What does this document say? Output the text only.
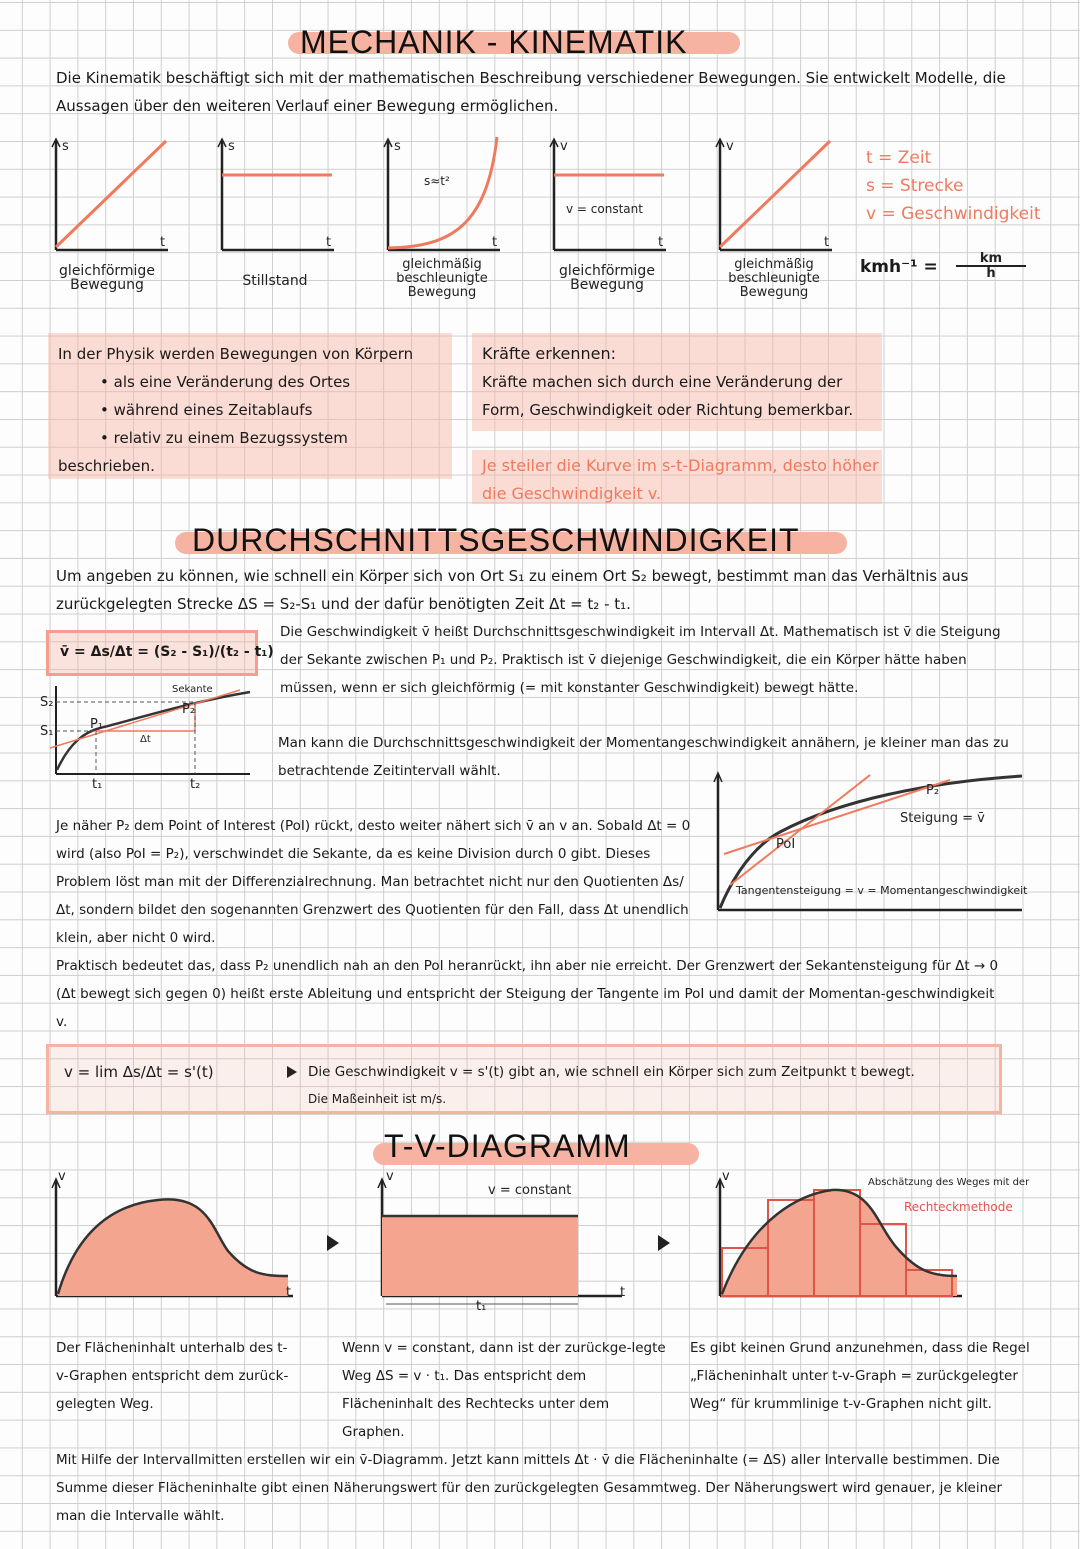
MECHANIK - KINEMATIK
Die Kinematik beschäftigt sich mit der mathematischen Beschreibung verschiedener Bewegungen. Sie entwickelt Modelle, die Aussagen über den weiteren Verlauf einer Bewegung ermöglichen.
s
t
gleichförmige Bewegung
s
t
Stillstand
s
s≈t²
t
gleichmäßig beschleunigte Bewegung
v
v = constant
t
gleichförmige Bewegung
v
t
gleichmäßig beschleunigte Bewegung
t = Zeit
s = Strecke
v = Geschwindigkeit
kmh⁻¹ =	km
h
In der Physik werden Bewegungen von Körpern
• als eine Veränderung des Ortes
• während eines Zeitablaufs
• relativ zu einem Bezugssystem
beschrieben.
Kräfte erkennen:
Kräfte machen sich durch eine Veränderung der Form, Geschwindigkeit oder Richtung bemerkbar.
Je steiler die Kurve im s-t-Diagramm, desto höher die Geschwindigkeit v.
DURCHSCHNITTSGESCHWINDIGKEIT
Um angeben zu können, wie schnell ein Körper sich von Ort S₁ zu einem Ort S₂ bewegt, bestimmt man das Verhältnis aus zurückgelegten Strecke ΔS = S₂-S₁ und der dafür benötigten Zeit Δt = t₂ - t₁.
v̄ = Δs/Δt = (S₂ - S₁)/(t₂ - t₁)
Die Geschwindigkeit v̄ heißt Durchschnittsgeschwindigkeit im Intervall Δt. Mathematisch ist v̄ die Steigung der Sekante zwischen P₁ und P₂. Praktisch ist v̄ diejenige Geschwindigkeit, die ein Körper hätte haben müssen, wenn er sich gleichförmig (= mit konstanter Geschwindigkeit) bewegt hätte.
Man kann die Durchschnittsgeschwindigkeit der Momentangeschwindigkeit annähern, je kleiner man das zu betrachtende Zeitintervall wählt.
S₂
S₁	P₁
P₂
Sekante
Δt
t₁	t₂
Je näher P₂ dem Point of Interest (PoI) rückt, desto weiter nähert sich v̄ an v an. Sobald Δt = 0 wird (also PoI = P₂), verschwindet die Sekante, da es keine Division durch 0 gibt. Dieses Problem löst man mit der Differenzialrechnung. Man betrachtet nicht nur den Quotienten Δs/Δt, sondern bildet den sogenannten Grenzwert des Quotienten für den Fall, dass Δt unendlich klein, aber nicht 0 wird.
PoI
P₂
Steigung = v̄
Tangentensteigung = v = Momentangeschwindigkeit
Praktisch bedeutet das, dass P₂ unendlich nah an den PoI heranrückt, ihn aber nie erreicht. Der Grenzwert der Sekantensteigung für Δt → 0 (Δt bewegt sich gegen 0) heißt erste Ableitung und entspricht der Steigung der Tangente im PoI und damit der Momentan-geschwindigkeit v.
v = lim Δs/Δt = s'(t)	Die Geschwindigkeit v = s'(t) gibt an, wie schnell ein Körper sich zum Zeitpunkt t bewegt.
Die Maßeinheit ist m/s.
T-V-DIAGRAMM
v
t
v
v = constant
t
t₁
v	Abschätzung des Weges mit der
Rechteckmethode
Der Flächeninhalt unterhalb des t-v-Graphen entspricht dem zurück-gelegten Weg.
Wenn v = constant, dann ist der zurückge-legte Weg ΔS = v · t₁. Das entspricht dem Flächeninhalt des Rechtecks unter dem Graphen.
Es gibt keinen Grund anzunehmen, dass die Regel „Flächeninhalt unter t-v-Graph = zurückgelegter Weg“ für krummlinige t-v-Graphen nicht gilt.
Mit Hilfe der Intervallmitten erstellen wir ein v̄-Diagramm. Jetzt kann mittels Δt · v̄ die Flächeninhalte (= ΔS) aller Intervalle bestimmen. Die Summe dieser Flächeninhalte gibt einen Näherungswert für den zurückgelegten Gesammtweg. Der Näherungswert wird genauer, je kleiner man die Intervalle wählt.
